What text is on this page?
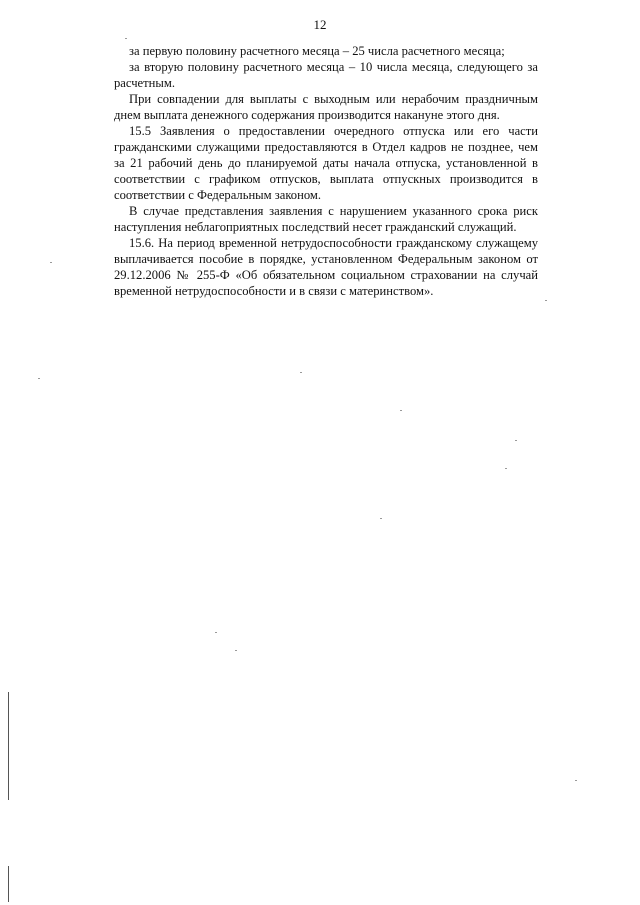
12

за первую половину расчетного месяца – 25 числа расчетного месяца;

за вторую половину расчетного месяца – 10 числа месяца, следующего за расчетным.

При совпадении для выплаты с выходным или нерабочим праздничным днем выплата денежного содержания производится накануне этого дня.

15.5 Заявления о предоставлении очередного отпуска или его части гражданскими служащими предоставляются в Отдел кадров не позднее, чем за 21 рабочий день до планируемой даты начала отпуска, установленной в соответствии с графиком отпусков, выплата отпускных производится в соответствии с Федеральным законом.

В случае представления заявления с нарушением указанного срока риск наступления неблагоприятных последствий несет гражданский служащий.

15.6. На период временной нетрудоспособности гражданскому служащему выплачивается пособие в порядке, установленном Федеральным законом от 29.12.2006 № 255-Ф «Об обязательном социальном страховании на случай временной нетрудоспособности и в связи с материнством».
